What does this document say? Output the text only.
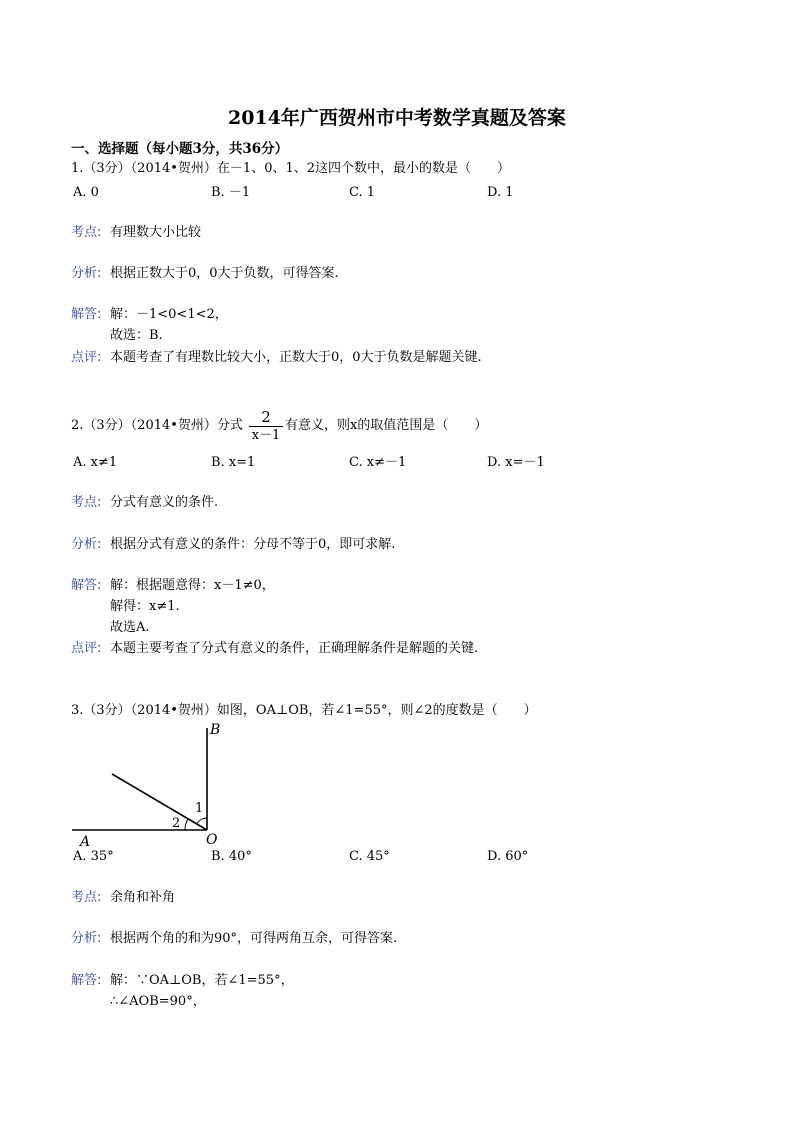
2014年广西贺州市中考数学真题及答案
一、选择题（每小题3分，共36分）
1.（3分）（2014•贺州）在－1、0、1、2这四个数中，最小的数是（　　）
A. 0	B. －1	C. 1	D. 1
考点: 有理数大小比较
分析: 根据正数大于0，0大于负数，可得答案.
解答: 解：－1<0<1<2，
故选：B.
点评: 本题考查了有理数比较大小，正数大于0，0大于负数是解题关键.
2.（3分）（2014•贺州）分式	2
x－1
有意义，则x的取值范围是（　　）
A. x≠1	B. x=1	C. x≠－1	D. x=－1
考点: 分式有意义的条件.
分析: 根据分式有意义的条件：分母不等于0，即可求解.
解答: 解：根据题意得：x－1≠0，
解得：x≠1.
故选A.
点评: 本题主要考查了分式有意义的条件，正确理解条件是解题的关键.
3.（3分）（2014•贺州）如图，OA⊥OB，若∠1=55°，则∠2的度数是（　　）
B
O
A
1
2
A. 35°	B. 40°	C. 45°	D. 60°
考点: 余角和补角
分析: 根据两个角的和为90°，可得两角互余，可得答案.
解答: 解：∵OA⊥OB，若∠1=55°，
∴∠AOB=90°，
